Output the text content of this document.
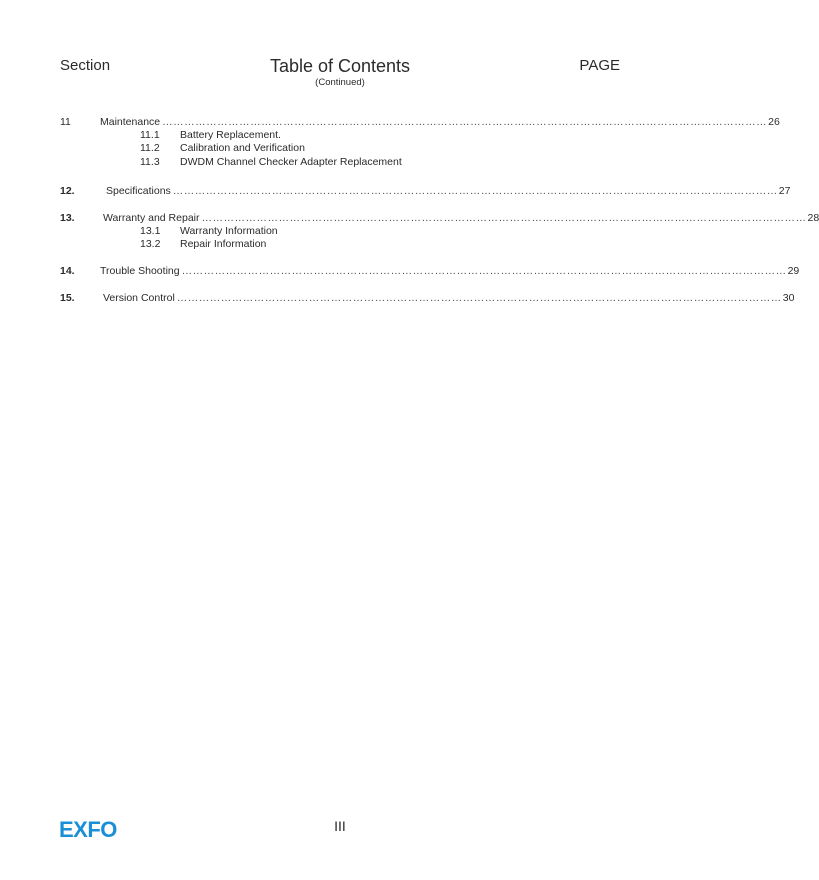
Section	Table of Contents
(Continued)
PAGE
11	Maintenance ………………………………………………………………………………………………………………………………………………… 26
11.1 Battery Replacement.
11.2 Calibration and Verification
11.3 DWDM Channel Checker Adapter Replacement
12.	Specifications ………………………………………………………………………………………………………………………………………………… 27
13.	Warranty and Repair ………………………………………………………………………………………………………………………………………………… 28
13.1 Warranty Information
13.2 Repair Information
14. Trouble Shooting ………………………………………………………………………………………………………………………………………………… 29
15.	Version Control ………………………………………………………………………………………………………………………………………………… 30
EXFO	III
